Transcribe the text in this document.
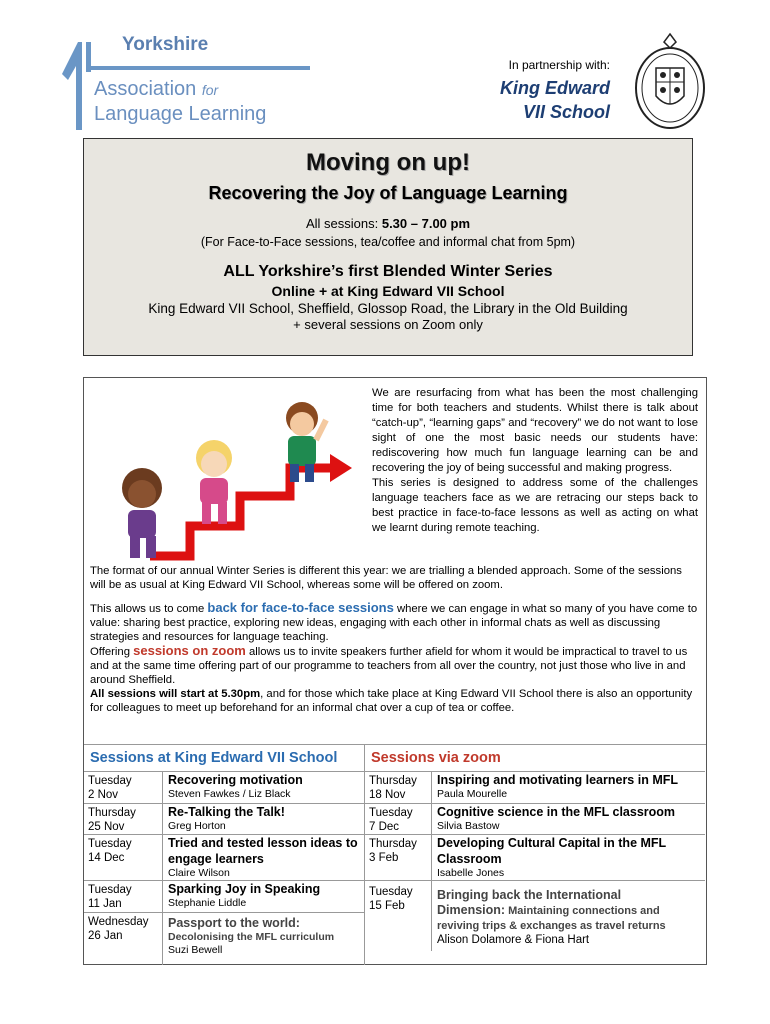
Yorkshire
Association for
Language Learning
In partnership with:
King Edward
VII School
Moving on up!
Recovering the Joy of Language Learning
All sessions: 5.30 – 7.00 pm
(For Face-to-Face sessions, tea/coffee and informal chat from 5pm)
ALL Yorkshire’s first Blended Winter Series
Online + at King Edward VII School
King Edward VII School, Sheffield, Glossop Road, the Library in the Old Building
+ several sessions on Zoom only
We are resurfacing from what has been the most challenging time for both teachers and students. Whilst there is talk about “catch-up”, “learning gaps” and “recovery” we do not want to lose sight of one the most basic needs our students have: rediscovering how much fun language learning can be and recovering the joy of being successful and making progress.
This series is designed to address some of the challenges language teachers face as we are retracing our steps back to best practice in face-to-face lessons as well as acting on what we learnt during remote teaching.

The format of our annual Winter Series is different this year: we are trialling a blended approach. Some of the sessions will be as usual at King Edward VII School, whereas some will be offered on zoom.

This allows us to come back for face-to-face sessions where we can engage in what so many of you have come to value: sharing best practice, exploring new ideas, engaging with each other in informal chats as well as discussing strategies and resources for language teaching.

Offering sessions on zoom allows us to invite speakers further afield for whom it would be impractical to travel to us and at the same time offering part of our programme to teachers from all over the country, not just those who live in and around Sheffield.

All sessions will start at 5.30pm, and for those which take place at King Edward VII School there is also an opportunity for colleagues to meet up beforehand for an informal chat over a cup of tea or coffee.

Sessions at King Edward VII School
Tuesday
2 Nov
Recovering motivation
Steven Fawkes / Liz Black
Thursday
25 Nov
Re-Talking the Talk!
Greg Horton
Tuesday
14 Dec
Tried and tested lesson ideas to engage learners
Claire Wilson
Tuesday
11 Jan
Sparking Joy in Speaking
Stephanie Liddle
Wednesday
26 Jan
Passport to the world:
Decolonising the MFL curriculum
Suzi Bewell
Sessions via zoom
Thursday
18 Nov
Inspiring and motivating learners in MFL
Paula Mourelle
Tuesday
7 Dec
Cognitive science in the MFL classroom
Silvia Bastow
Thursday
3 Feb
Developing Cultural Capital in the MFL Classroom
Isabelle Jones
Tuesday
15 Feb
Bringing back the International
Dimension: Maintaining connections and reviving trips & exchanges as travel returns
Alison Dolamore & Fiona Hart
